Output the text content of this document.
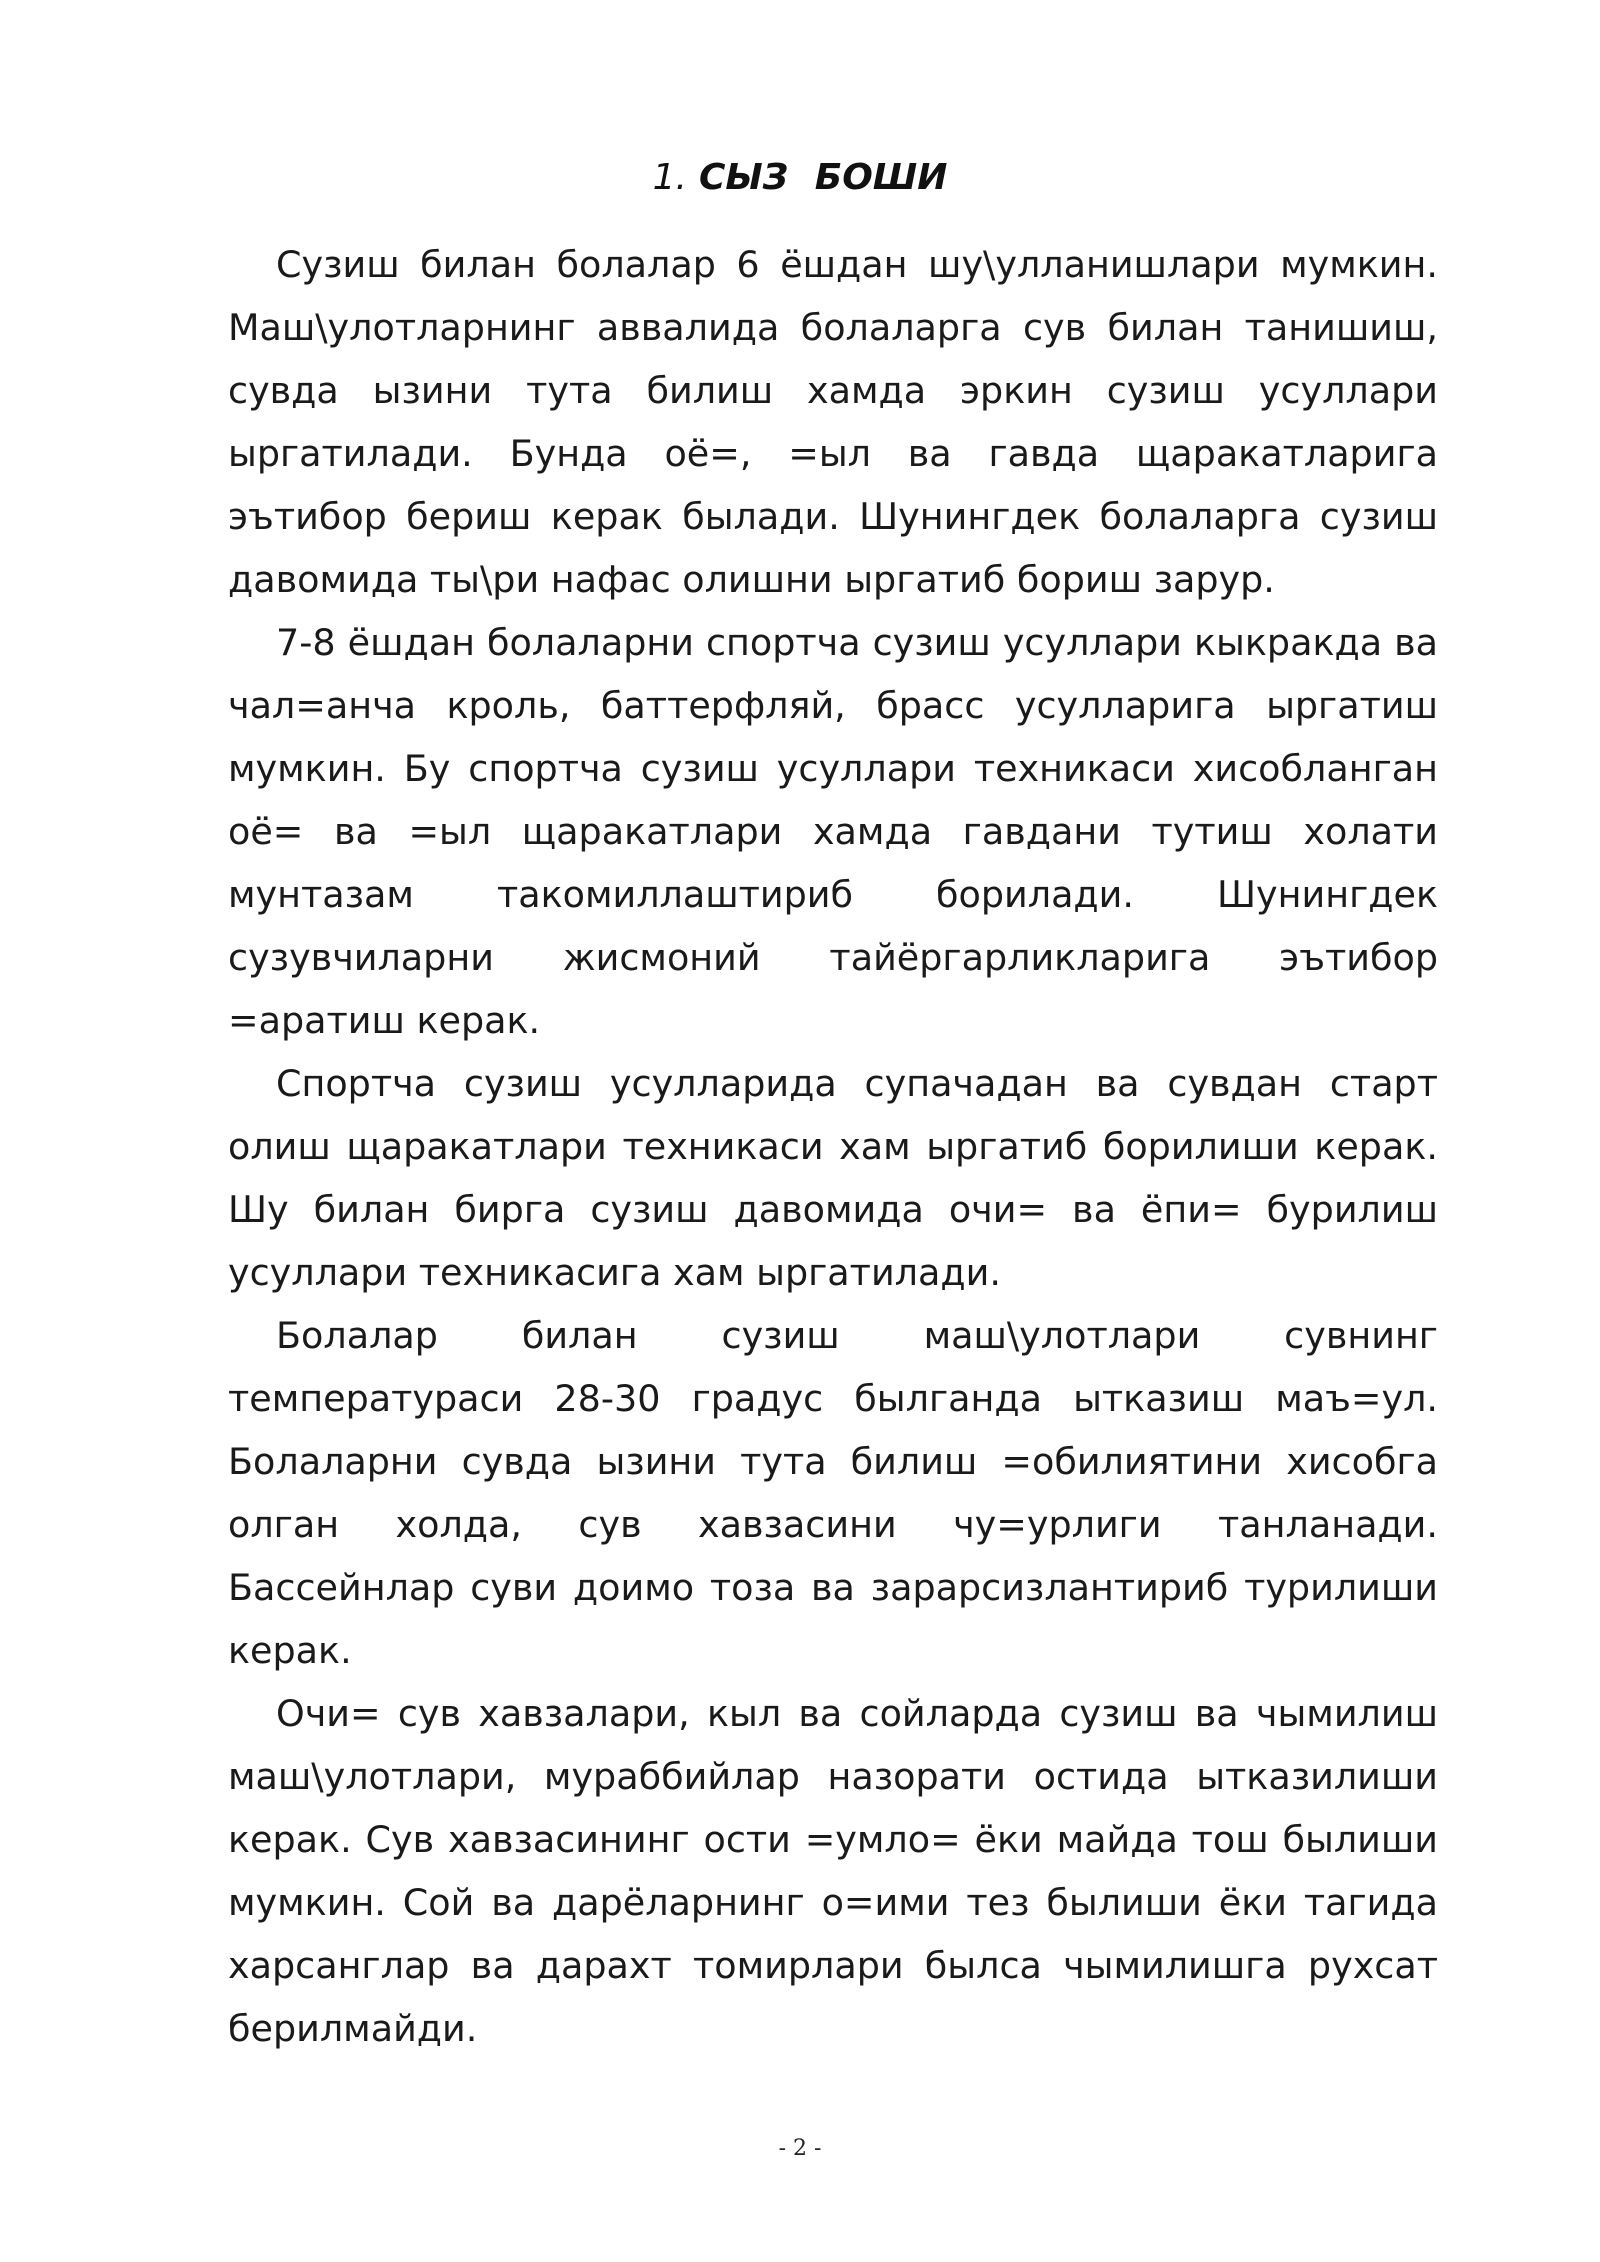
1. СЫЗ БОШИ

Сузиш билан болалар 6 ёшдан шу\улланишлари мумкин. Маш\улотларнинг аввалида болаларга сув билан танишиш, сувда ызини тута билиш хамда эркин сузиш усуллари ыргатилади. Бунда оё=, =ыл ва гавда щаракатларига эътибор бериш керак былади. Шунингдек болаларга сузиш давомида ты\ри нафас олишни ыргатиб бориш зарур.

7-8 ёшдан болаларни спортча сузиш усуллари кыкракда ва чал=анча кроль, баттерфляй, брасс усулларига ыргатиш мумкин. Бу спортча сузиш усуллари техникаси хисобланган оё= ва =ыл щаракатлари хамда гавдани тутиш холати мунтазам такомиллаштириб борилади. Шунингдек сузувчиларни жисмоний тайёргарликларига эътибор =аратиш керак.

Спортча сузиш усулларида супачадан ва сувдан старт олиш щаракатлари техникаси хам ыргатиб борилиши керак. Шу билан бирга сузиш давомида очи= ва ёпи= бурилиш усуллари техникасига хам ыргатилади.

Болалар билан сузиш маш\улотлари сувнинг температураси 28-30 градус былганда ытказиш маъ=ул. Болаларни сувда ызини тута билиш =обилиятини хисобга олган холда, сув хавзасини чу=урлиги танланади. Бассейнлар суви доимо тоза ва зарарсизлантириб турилиши керак.

Очи= сув хавзалари, кыл ва сойларда сузиш ва чымилиш маш\улотлари, мураббийлар назорати остида ытказилиши керак. Сув хавзасининг ости =умло= ёки майда тош былиши мумкин. Сой ва дарёларнинг о=ими тез былиши ёки тагида харсанглар ва дарахт томирлари былса чымилишга рухсат берилмайди.

- 2 -
